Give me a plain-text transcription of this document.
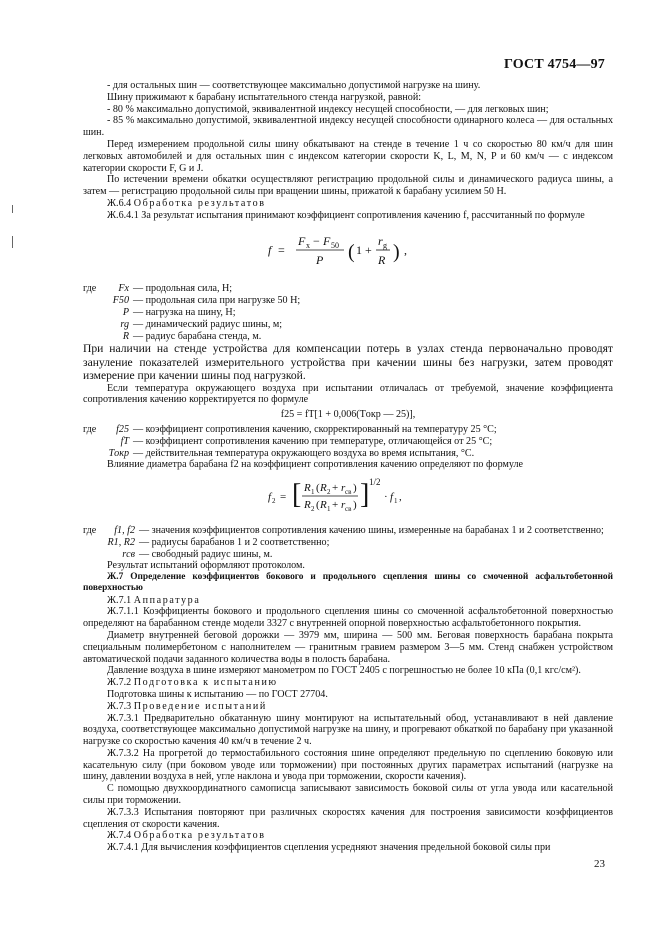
ГОСТ 4754—97

- для остальных шин — соответствующее максимально допустимой нагрузке на шину.

Шину прижимают к барабану испытательного стенда нагрузкой, равной:

- 80 % максимально допустимой, эквивалентной индексу несущей способности, — для легковых шин;

- 85 % максимально допустимой, эквивалентной индексу несущей способности одинарного колеса — для остальных шин.

Перед измерением продольной силы шину обкатывают на стенде в течение 1 ч со скоростью 80 км/ч для шин легковых автомобилей и для остальных шин с индексом категории скорости K, L, M, N, P и 60 км/ч — с индексом категории скорости F, G и J.

По истечении времени обкатки осуществляют регистрацию продольной силы и динамического радиуса шины, а затем — регистрацию продольной силы при вращении шины, прижатой к барабану усилием 50 Н.

Ж.6.4 Обработка результатов

Ж.6.4.1 За результат испытания принимают коэффициент сопротивления качению f, рассчитанный по формуле

f =
F x − F 50
P ( 1 +
r g
R ) ,
где	Fx — продольная сила, Н;
F50 — продольная сила при нагрузке 50 Н;
P — нагрузка на шину, Н;
rg — динамический радиус шины, м;
R — радиус барабана стенда, м.

При наличии на стенде устройства для компенсации потерь в узлах стенда первоначально проводят зануление показателей измерительного устройства при качении шины без нагрузки, затем проводят измерение при качении шины под нагрузкой.

Если температура окружающего воздуха при испытании отличалась от требуемой, значение коэффициента сопротивления качению корректируется по формуле

f25 = fT[1 + 0,006(Tокр — 25)],

где	f25 — коэффициент сопротивления качению, скорректированный на температуру 25 °С;
fT — коэффициент сопротивления качению при температуре, отличающейся от 25 °С;
Tокр — действительная температура окружающего воздуха во время испытания, °С.

Влияние диаметра барабана f2 на коэффициент сопротивления качению определяют по формуле

f 2 = [ R 1 ( R 2 + r св )
R 2 ( R 1 + r св ) ] 1/2
· f 1 ,
где	f1, f2 — значения коэффициентов сопротивления качению шины, измеренные на барабанах 1 и 2 соответственно;
R1, R2 — радиусы барабанов 1 и 2 соответственно;
rсв — свободный радиус шины, м.

Результат испытаний оформляют протоколом.

Ж.7 Определение коэффициентов бокового и продольного сцепления шины со смоченной асфальтобетонной поверхностью

Ж.7.1 Аппаратура

Ж.7.1.1 Коэффициенты бокового и продольного сцепления шины со смоченной асфальтобетонной поверхностью определяют на барабанном стенде модели 3327 с внутренней опорной поверхностью асфальтобетонного покрытия.

Диаметр внутренней беговой дорожки — 3979 мм, ширина — 500 мм. Беговая поверхность барабана покрыта специальным полимербетоном с наполнителем — гранитным гравием размером 3—5 мм. Стенд снабжен устройством автоматической подачи заданного количества воды в полость барабана.

Давление воздуха в шине измеряют манометром по ГОСТ 2405 с погрешностью не более 10 кПа (0,1 кгс/см²).

Ж.7.2 Подготовка к испытанию

Подготовка шины к испытанию — по ГОСТ 27704.

Ж.7.3 Проведение испытаний

Ж.7.3.1 Предварительно обкатанную шину монтируют на испытательный обод, устанавливают в ней давление воздуха, соответствующее максимально допустимой нагрузке на шину, и прогревают обкаткой по барабану при указанной нагрузке со скоростью качения 40 км/ч в течение 2 ч.

Ж.7.3.2 На прогретой до термостабильного состояния шине определяют предельную по сцеплению боковую или касательную силу (при боковом уводе или торможении) при постоянных других параметрах испытаний (нагрузке на шину, давлении воздуха в ней, угле наклона и увода при торможении, скорости качения).

С помощью двухкоординатного самописца записывают зависимость боковой силы от угла увода или касательной силы при торможении.

Ж.7.3.3 Испытания повторяют при различных скоростях качения для построения зависимости коэффициентов сцепления от скорости качения.

Ж.7.4 Обработка результатов

Ж.7.4.1 Для вычисления коэффициентов сцепления усредняют значения предельной боковой силы при

23
